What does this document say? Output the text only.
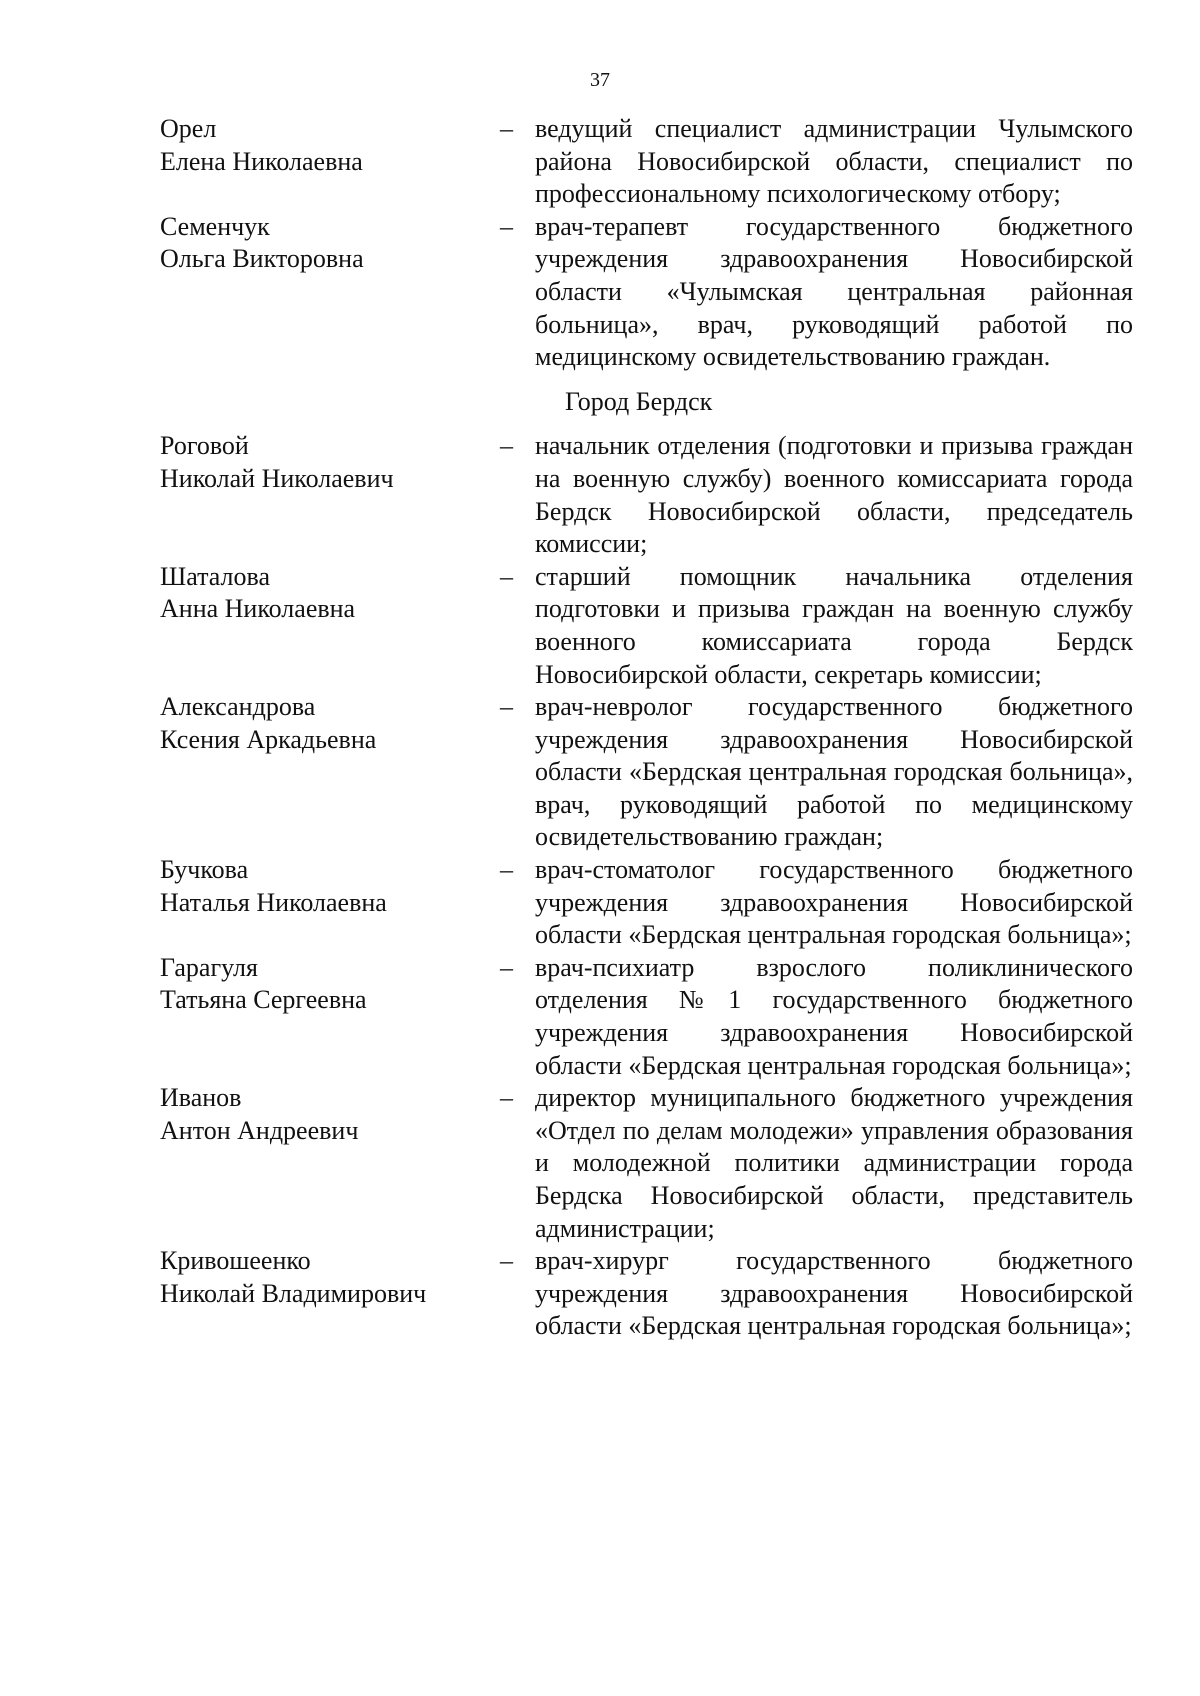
37
Орел
Елена Николаевна
– ведущий специалист администрации Чулымского района Новосибирской области, специалист по профессиональному психологическому отбору;
Семенчук
Ольга Викторовна
– врач-терапевт государственного бюджетного учреждения здравоохранения Новосибирской области «Чулымская центральная районная больница», врач, руководящий работой по медицинскому освидетельствованию граждан.
Город Бердск
Роговой
Николай Николаевич
– начальник отделения (подготовки и призыва граждан на военную службу) военного комиссариата города Бердск Новосибирской области, председатель комиссии;
Шаталова
Анна Николаевна
– старший помощник начальника отделения подготовки и призыва граждан на военную службу военного комиссариата города Бердск Новосибирской области, секретарь комиссии;
Александрова
Ксения Аркадьевна
– врач-невролог государственного бюджетного учреждения здравоохранения Новосибирской области «Бердская центральная городская больница», врач, руководящий работой по медицинскому освидетельствованию граждан;
Бучкова
Наталья Николаевна
– врач-стоматолог государственного бюджетного учреждения здравоохранения Новосибирской области «Бердская центральная городская больница»;
Гарагуля
Татьяна Сергеевна
– врач-психиатр взрослого поликлинического отделения №1 государственного бюджетного учреждения здравоохранения Новосибирской области «Бердская центральная городская больница»;
Иванов
Антон Андреевич
– директор муниципального бюджетного учреждения «Отдел по делам молодежи» управления образования и молодежной политики администрации города Бердска Новосибирской области, представитель администрации;
Кривошеенко
Николай Владимирович
– врач-хирург государственного бюджетного учреждения здравоохранения Новосибирской области «Бердская центральная городская больница»;
